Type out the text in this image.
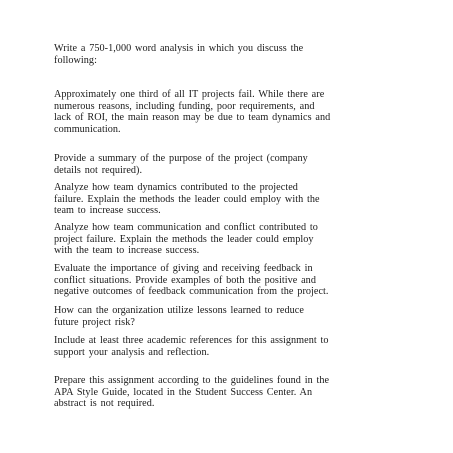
Write a 750-1,000 word analysis in which you discuss the
following:
Approximately one third of all IT projects fail. While there are
numerous reasons, including funding, poor requirements, and
lack of ROI, the main reason may be due to team dynamics and
communication.
Provide a summary of the purpose of the project (company
details not required).
Analyze how team dynamics contributed to the projected
failure. Explain the methods the leader could employ with the
team to increase success.
Analyze how team communication and conflict contributed to
project failure. Explain the methods the leader could employ
with the team to increase success.
Evaluate the importance of giving and receiving feedback in
conflict situations. Provide examples of both the positive and
negative outcomes of feedback communication from the project.
How can the organization utilize lessons learned to reduce
future project risk?
Include at least three academic references for this assignment to
support your analysis and reflection.
Prepare this assignment according to the guidelines found in the
APA Style Guide, located in the Student Success Center. An
abstract is not required.
